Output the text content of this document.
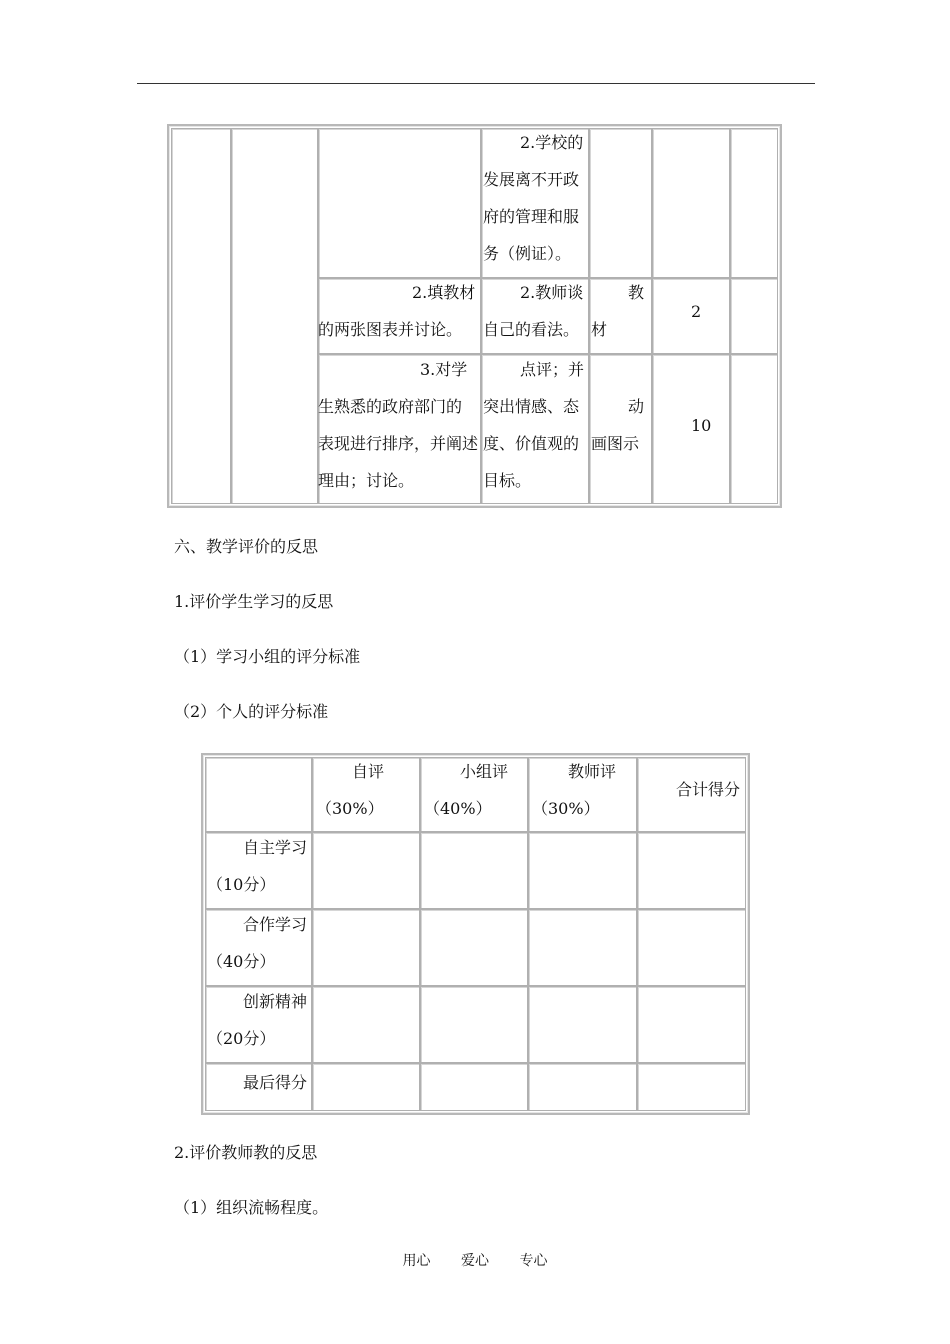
2.学校的
发展离不开政
府的管理和服
务（例证）。
2.填教材
的两张图表并讨论。
2.教师谈
自己的看法。
教
材
2
3.对学
生熟悉的政府部门的
表现进行排序，并阐述
理由；讨论。
点评；并
突出情感、态
度、价值观的
目标。
动
画图示
10
六、教学评价的反思
1.评价学生学习的反思
（1）学习小组的评分标准
（2）个人的评分标准
自评
（30%）
小组评
（40%）
教师评
（30%）
合计得分
自主学习
（10分）
合作学习
（40分）
创新精神
（20分）
最后得分
2.评价教师教的反思
（1）组织流畅程度。
用心 爱心 专心
